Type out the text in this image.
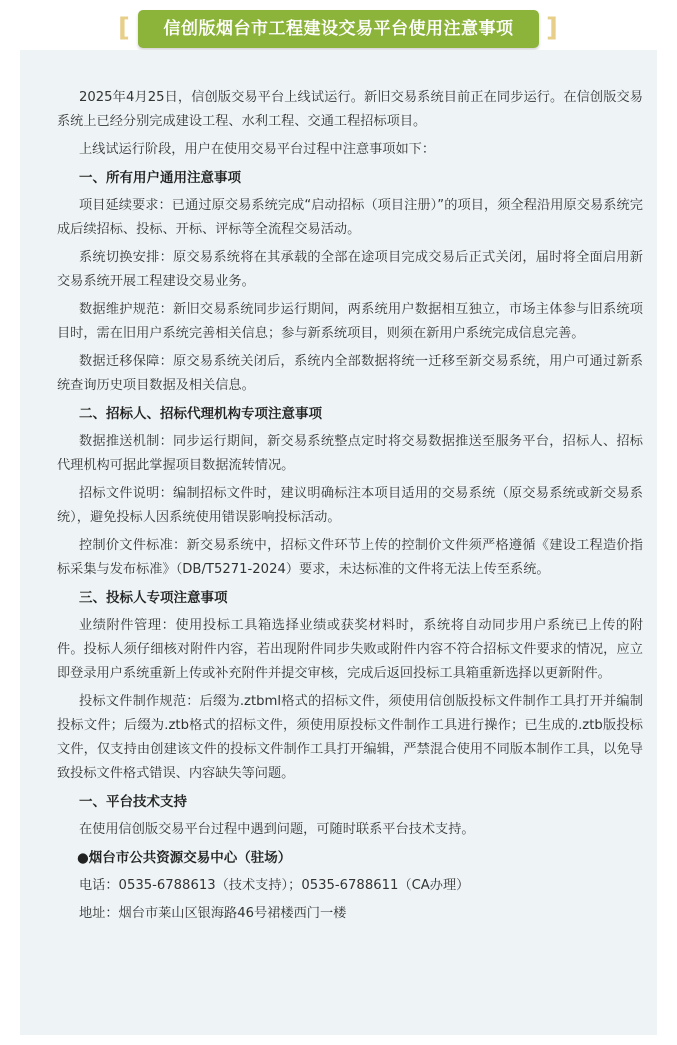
[	信创版烟台市工程建设交易平台使用注意事项	]

2025年4月25日，信创版交易平台上线试运行。新旧交易系统目前正在同步运行。在信创版交易系统上已经分别完成建设工程、水利工程、交通工程招标项目。

上线试运行阶段，用户在使用交易平台过程中注意事项如下：

一、所有用户通用注意事项

项目延续要求：已通过原交易系统完成“启动招标（项目注册）”的项目，须全程沿用原交易系统完成后续招标、投标、开标、评标等全流程交易活动。

系统切换安排：原交易系统将在其承载的全部在途项目完成交易后正式关闭，届时将全面启用新交易系统开展工程建设交易业务。

数据维护规范：新旧交易系统同步运行期间，两系统用户数据相互独立，市场主体参与旧系统项目时，需在旧用户系统完善相关信息；参与新系统项目，则须在新用户系统完成信息完善。

数据迁移保障：原交易系统关闭后，系统内全部数据将统一迁移至新交易系统，用户可通过新系统查询历史项目数据及相关信息。

二、招标人、招标代理机构专项注意事项

数据推送机制：同步运行期间，新交易系统整点定时将交易数据推送至服务平台，招标人、招标代理机构可据此掌握项目数据流转情况。

招标文件说明：编制招标文件时，建议明确标注本项目适用的交易系统（原交易系统或新交易系统），避免投标人因系统使用错误影响投标活动。

控制价文件标准：新交易系统中，招标文件环节上传的控制价文件须严格遵循《建设工程造价指标采集与发布标准》（DB/T5271-2024）要求，未达标准的文件将无法上传至系统。

三、投标人专项注意事项

业绩附件管理：使用投标工具箱选择业绩或获奖材料时，系统将自动同步用户系统已上传的附件。投标人须仔细核对附件内容，若出现附件同步失败或附件内容不符合招标文件要求的情况，应立即登录用户系统重新上传或补充附件并提交审核，完成后返回投标工具箱重新选择以更新附件。

投标文件制作规范：后缀为.ztbml格式的招标文件，须使用信创版投标文件制作工具打开并编制投标文件；后缀为.ztb格式的招标文件，须使用原投标文件制作工具进行操作；已生成的.ztb版投标文件，仅支持由创建该文件的投标文件制作工具打开编辑，严禁混合使用不同版本制作工具，以免导致投标文件格式错误、内容缺失等问题。

一、平台技术支持

在使用信创版交易平台过程中遇到问题，可随时联系平台技术支持。

●烟台市公共资源交易中心（驻场）
电话：0535-6788613（技术支持）；0535-6788611（CA办理）
地址：烟台市莱山区银海路46号裙楼西门一楼
